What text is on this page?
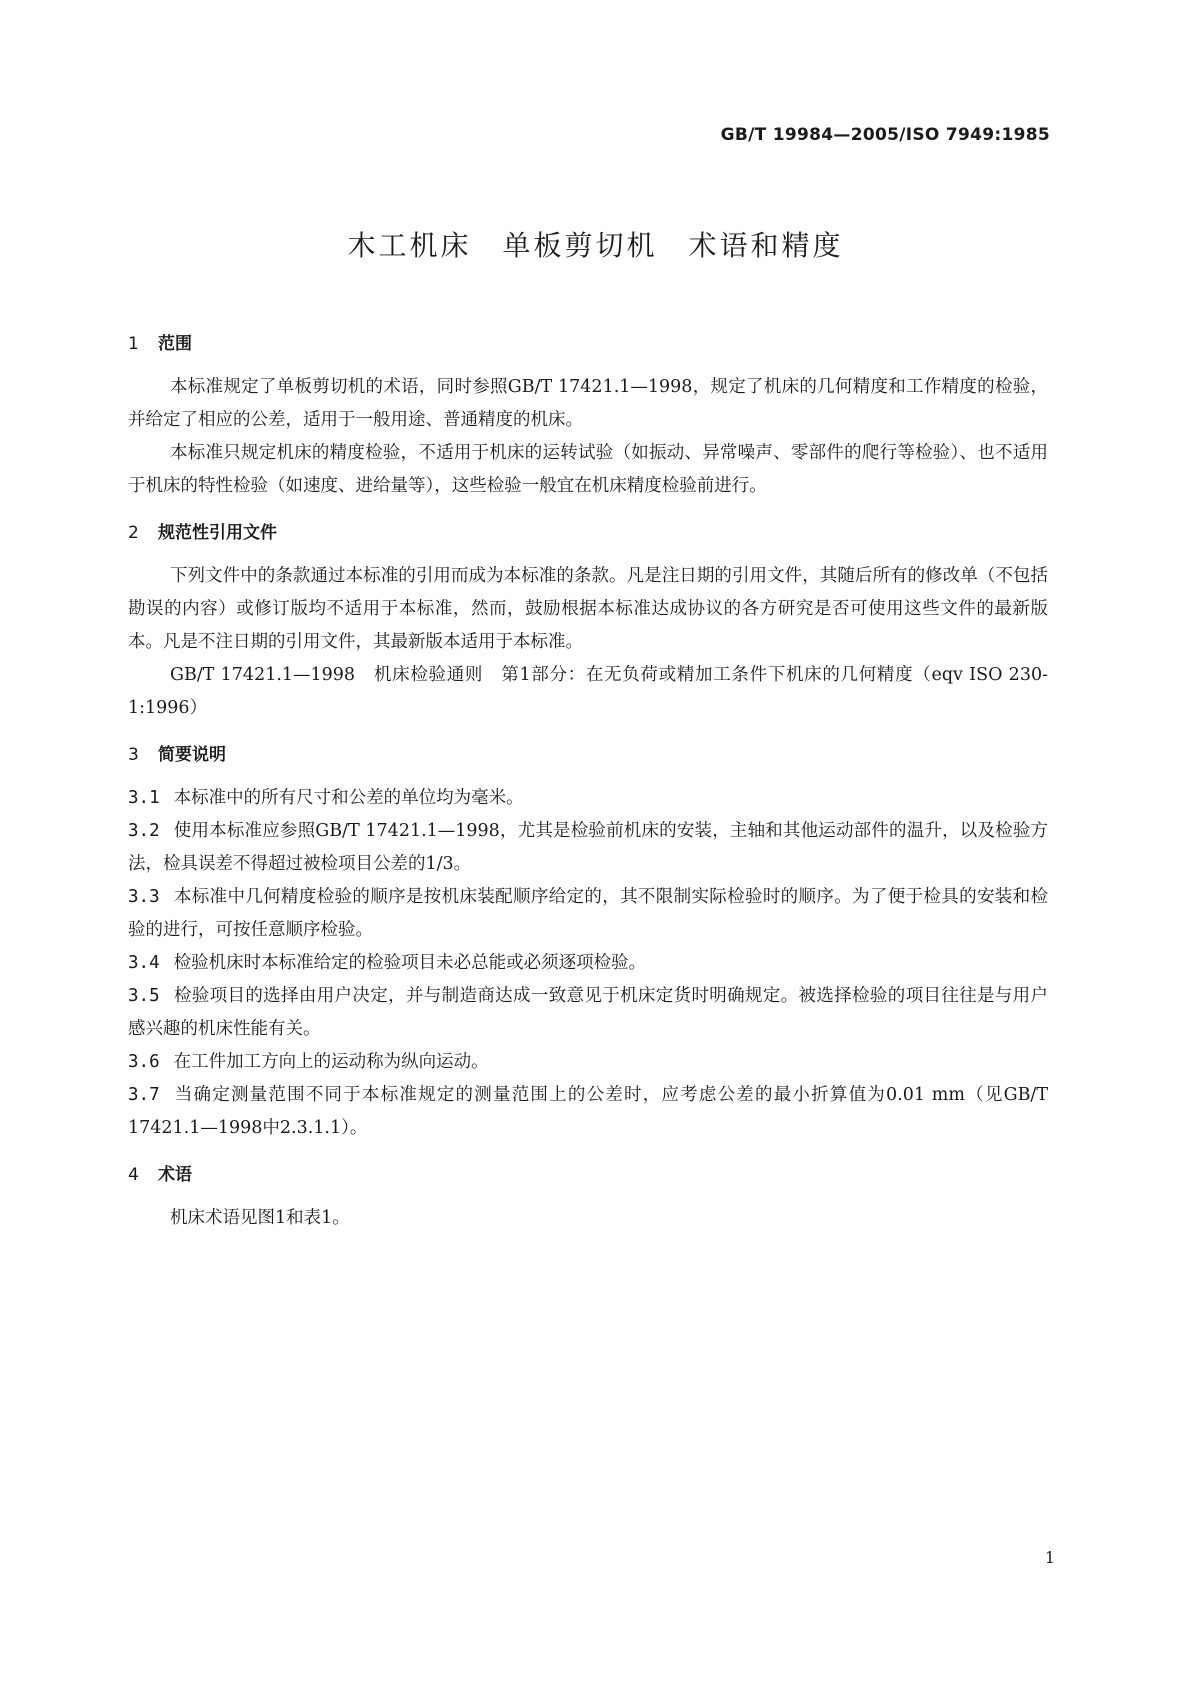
GB/T 19984—2005/ISO 7949:1985
木工机床　单板剪切机　术语和精度
1 范围

本标准规定了单板剪切机的术语，同时参照GB/T 17421.1—1998，规定了机床的几何精度和工作精度的检验，并给定了相应的公差，适用于一般用途、普通精度的机床。

本标准只规定机床的精度检验，不适用于机床的运转试验（如振动、异常噪声、零部件的爬行等检验）、也不适用于机床的特性检验（如速度、进给量等），这些检验一般宜在机床精度检验前进行。

2 规范性引用文件

下列文件中的条款通过本标准的引用而成为本标准的条款。凡是注日期的引用文件，其随后所有的修改单（不包括勘误的内容）或修订版均不适用于本标准，然而，鼓励根据本标准达成协议的各方研究是否可使用这些文件的最新版本。凡是不注日期的引用文件，其最新版本适用于本标准。

GB/T 17421.1—1998　机床检验通则　第1部分：在无负荷或精加工条件下机床的几何精度（eqv ISO 230-1:1996）

3 简要说明

3.1 本标准中的所有尺寸和公差的单位均为毫米。

3.2 使用本标准应参照GB/T 17421.1—1998，尤其是检验前机床的安装，主轴和其他运动部件的温升，以及检验方法，检具误差不得超过被检项目公差的1/3。

3.3 本标准中几何精度检验的顺序是按机床装配顺序给定的，其不限制实际检验时的顺序。为了便于检具的安装和检验的进行，可按任意顺序检验。

3.4 检验机床时本标准给定的检验项目未必总能或必须逐项检验。

3.5 检验项目的选择由用户决定，并与制造商达成一致意见于机床定货时明确规定。被选择检验的项目往往是与用户感兴趣的机床性能有关。

3.6 在工件加工方向上的运动称为纵向运动。

3.7 当确定测量范围不同于本标准规定的测量范围上的公差时，应考虑公差的最小折算值为0.01 mm（见GB/T 17421.1—1998中2.3.1.1）。

4 术语

机床术语见图1和表1。

1
